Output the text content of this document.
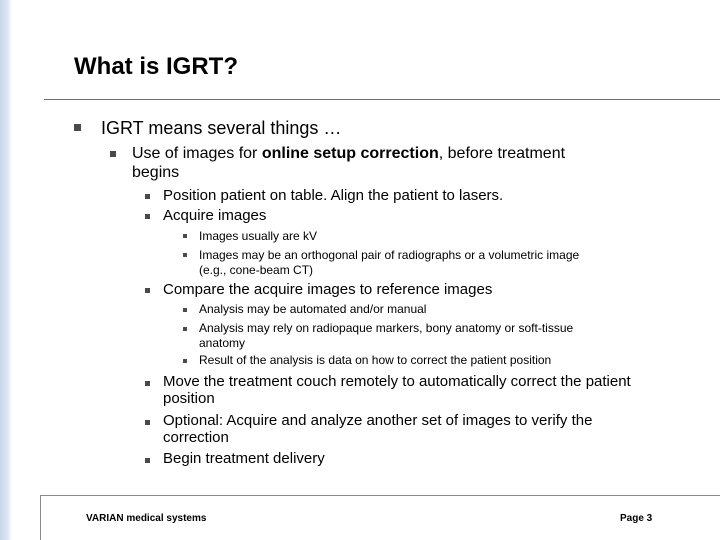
What is IGRT?

IGRT means several things …

Use of images for online setup correction, before treatment

begins

Position patient on table. Align the patient to lasers.

Acquire images

Images usually are kV

Images may be an orthogonal pair of radiographs or a volumetric image

(e.g., cone-beam CT)

Compare the acquire images to reference images

Analysis may be automated and/or manual

Analysis may rely on radiopaque markers, bony anatomy or soft-tissue

anatomy

Result of the analysis is data on how to correct the patient position

Move the treatment couch remotely to automatically correct the patient

position

Optional: Acquire and analyze another set of images to verify the

correction

Begin treatment delivery

VARIAN medical systems	Page 3
